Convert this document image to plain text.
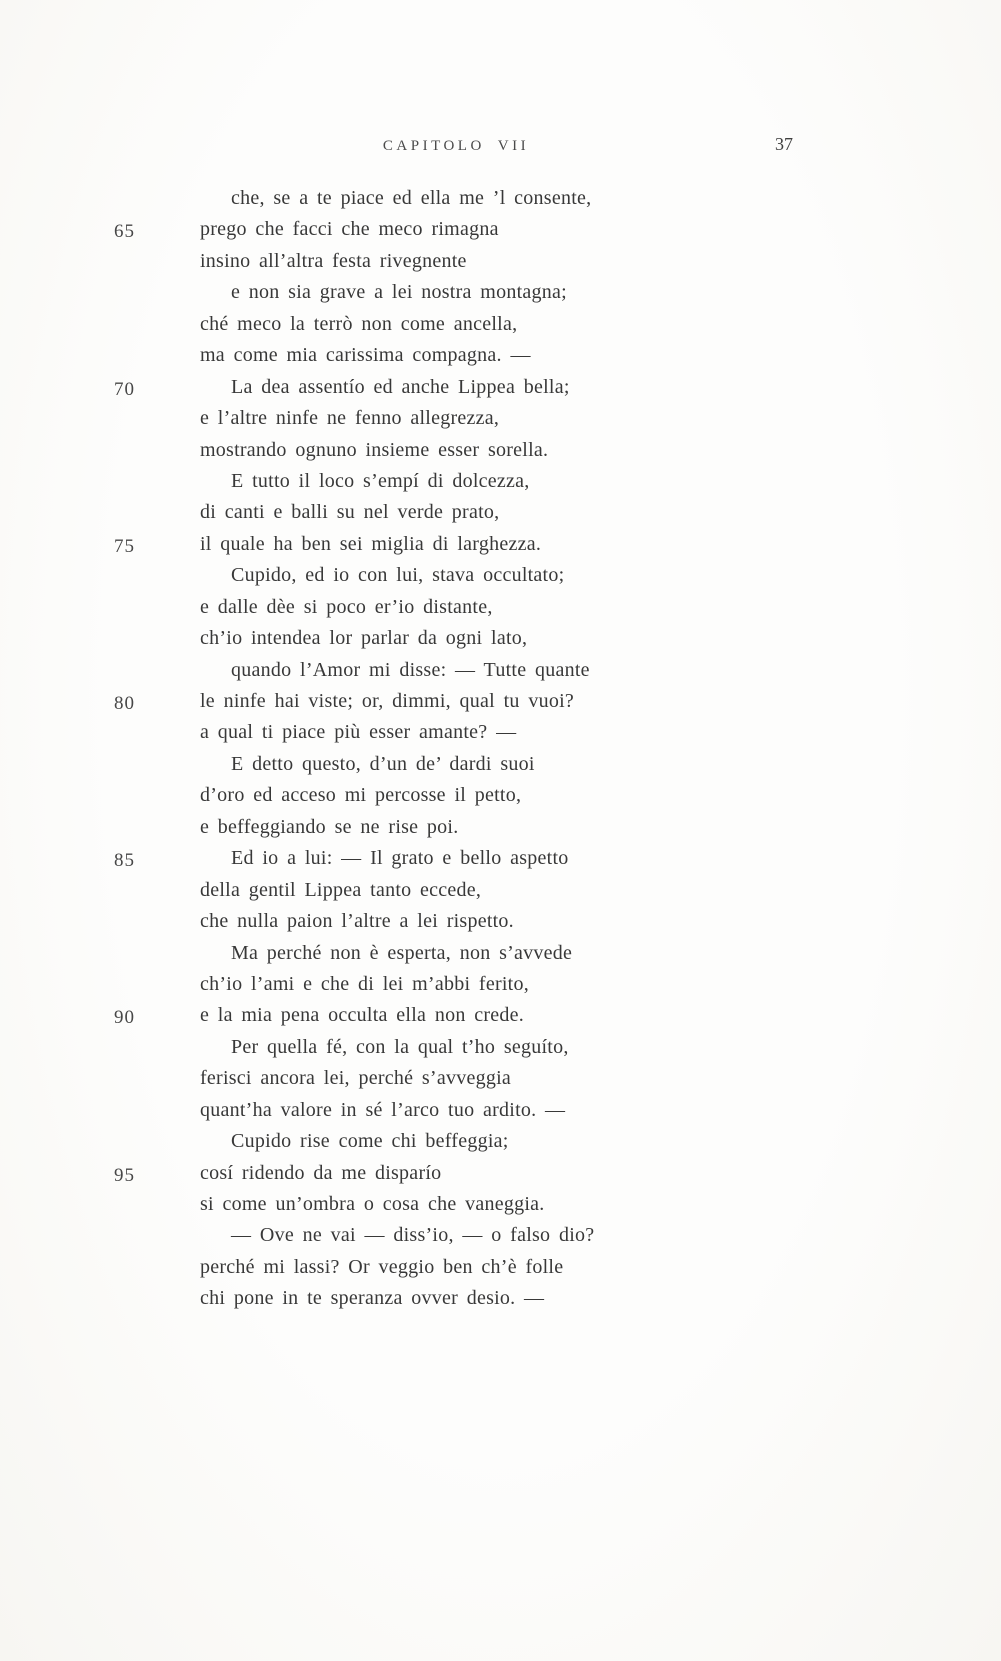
CAPITOLO VII	37
che, se a te piace ed ella me ’l consente,
65	prego che facci che meco rimagna
insino all’altra festa rivegnente
e non sia grave a lei nostra montagna;
ché meco la terrò non come ancella,
ma come mia carissima compagna. —
70	La dea assentío ed anche Lippea bella;
e l’altre ninfe ne fenno allegrezza,
mostrando ognuno insieme esser sorella.
E tutto il loco s’empí di dolcezza,
di canti e balli su nel verde prato,
75	il quale ha ben sei miglia di larghezza.
Cupido, ed io con lui, stava occultato;
e dalle dèe si poco er’io distante,
ch’io intendea lor parlar da ogni lato,
quando l’Amor mi disse: — Tutte quante
80	le ninfe hai viste; or, dimmi, qual tu vuoi?
a qual ti piace più esser amante? —
E detto questo, d’un de’ dardi suoi
d’oro ed acceso mi percosse il petto,
e beffeggiando se ne rise poi.
85	Ed io a lui: — Il grato e bello aspetto
della gentil Lippea tanto eccede,
che nulla paion l’altre a lei rispetto.
Ma perché non è esperta, non s’avvede
ch’io l’ami e che di lei m’abbi ferito,
90	e la mia pena occulta ella non crede.
Per quella fé, con la qual t’ho seguíto,
ferisci ancora lei, perché s’avveggia
quant’ha valore in sé l’arco tuo ardito. —
Cupido rise come chi beffeggia;
95	cosí ridendo da me disparío
si come un’ombra o cosa che vaneggia.
— Ove ne vai — diss’io, — o falso dio?
perché mi lassi? Or veggio ben ch’è folle
chi pone in te speranza ovver desio. —
